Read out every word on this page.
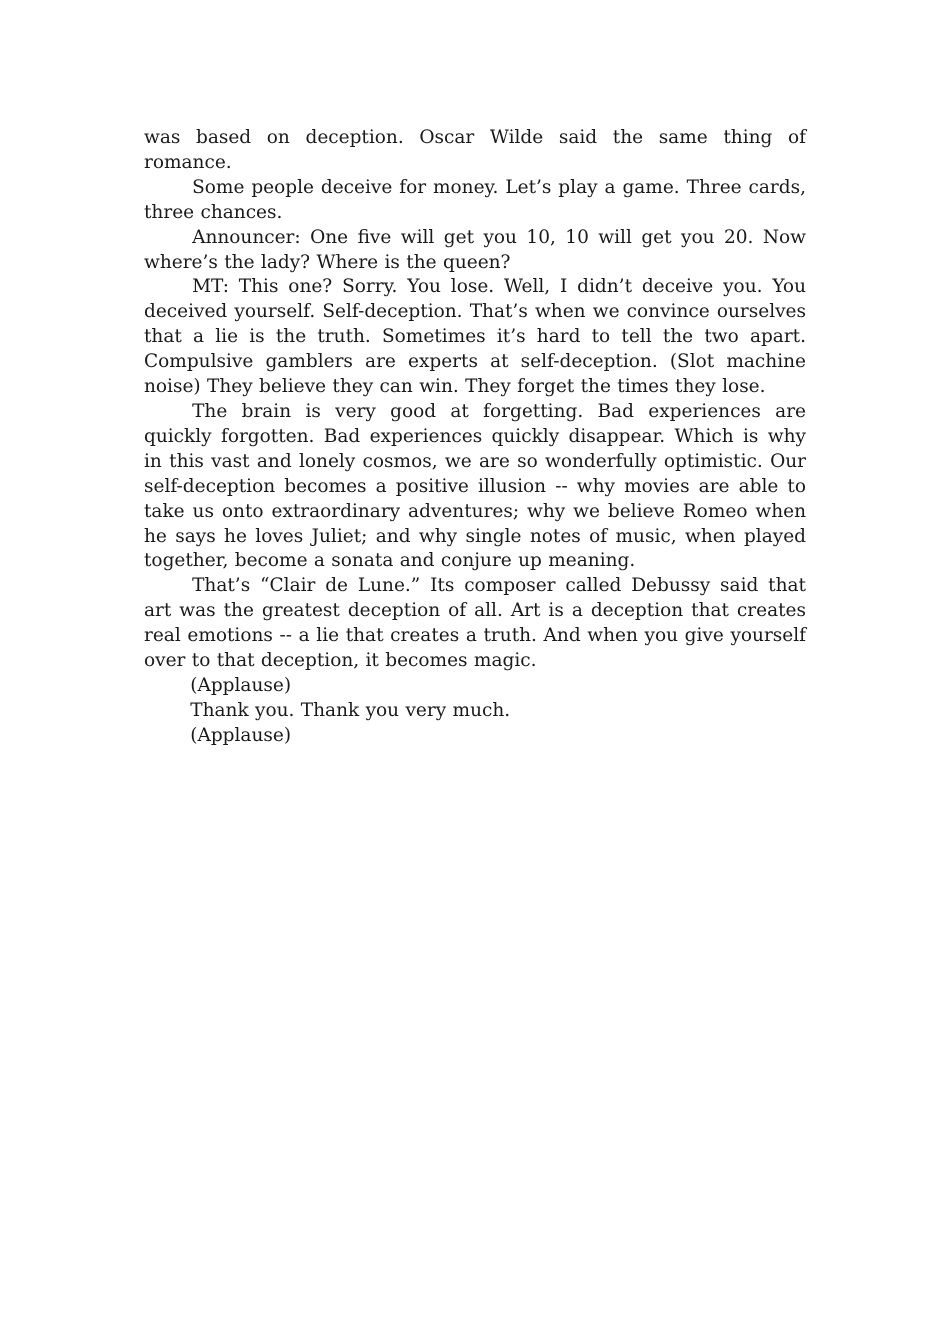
was based on deception. Oscar Wilde said the same thing of romance.

Some people deceive for money. Let’s play a game. Three cards, three chances.

Announcer: One five will get you 10, 10 will get you 20. Now where’s the lady? Where is the queen?

MT: This one? Sorry. You lose. Well, I didn’t deceive you. You deceived yourself. Self-deception. That’s when we convince ourselves that a lie is the truth. Sometimes it’s hard to tell the two apart. Compulsive gamblers are experts at self-deception. (Slot machine noise) They believe they can win. They forget the times they lose.

The brain is very good at forgetting. Bad experiences are quickly forgotten. Bad experiences quickly disappear. Which is why in this vast and lonely cosmos, we are so wonderfully optimistic. Our self-deception becomes a positive illusion -- why movies are able to take us onto extraordinary adventures; why we believe Romeo when he says he loves Juliet; and why single notes of music, when played together, become a sonata and conjure up meaning.

That’s “Clair de Lune.” Its composer called Debussy said that art was the greatest deception of all. Art is a deception that creates real emotions -- a lie that creates a truth. And when you give yourself over to that deception, it becomes magic.

(Applause)

Thank you. Thank you very much.

(Applause)
